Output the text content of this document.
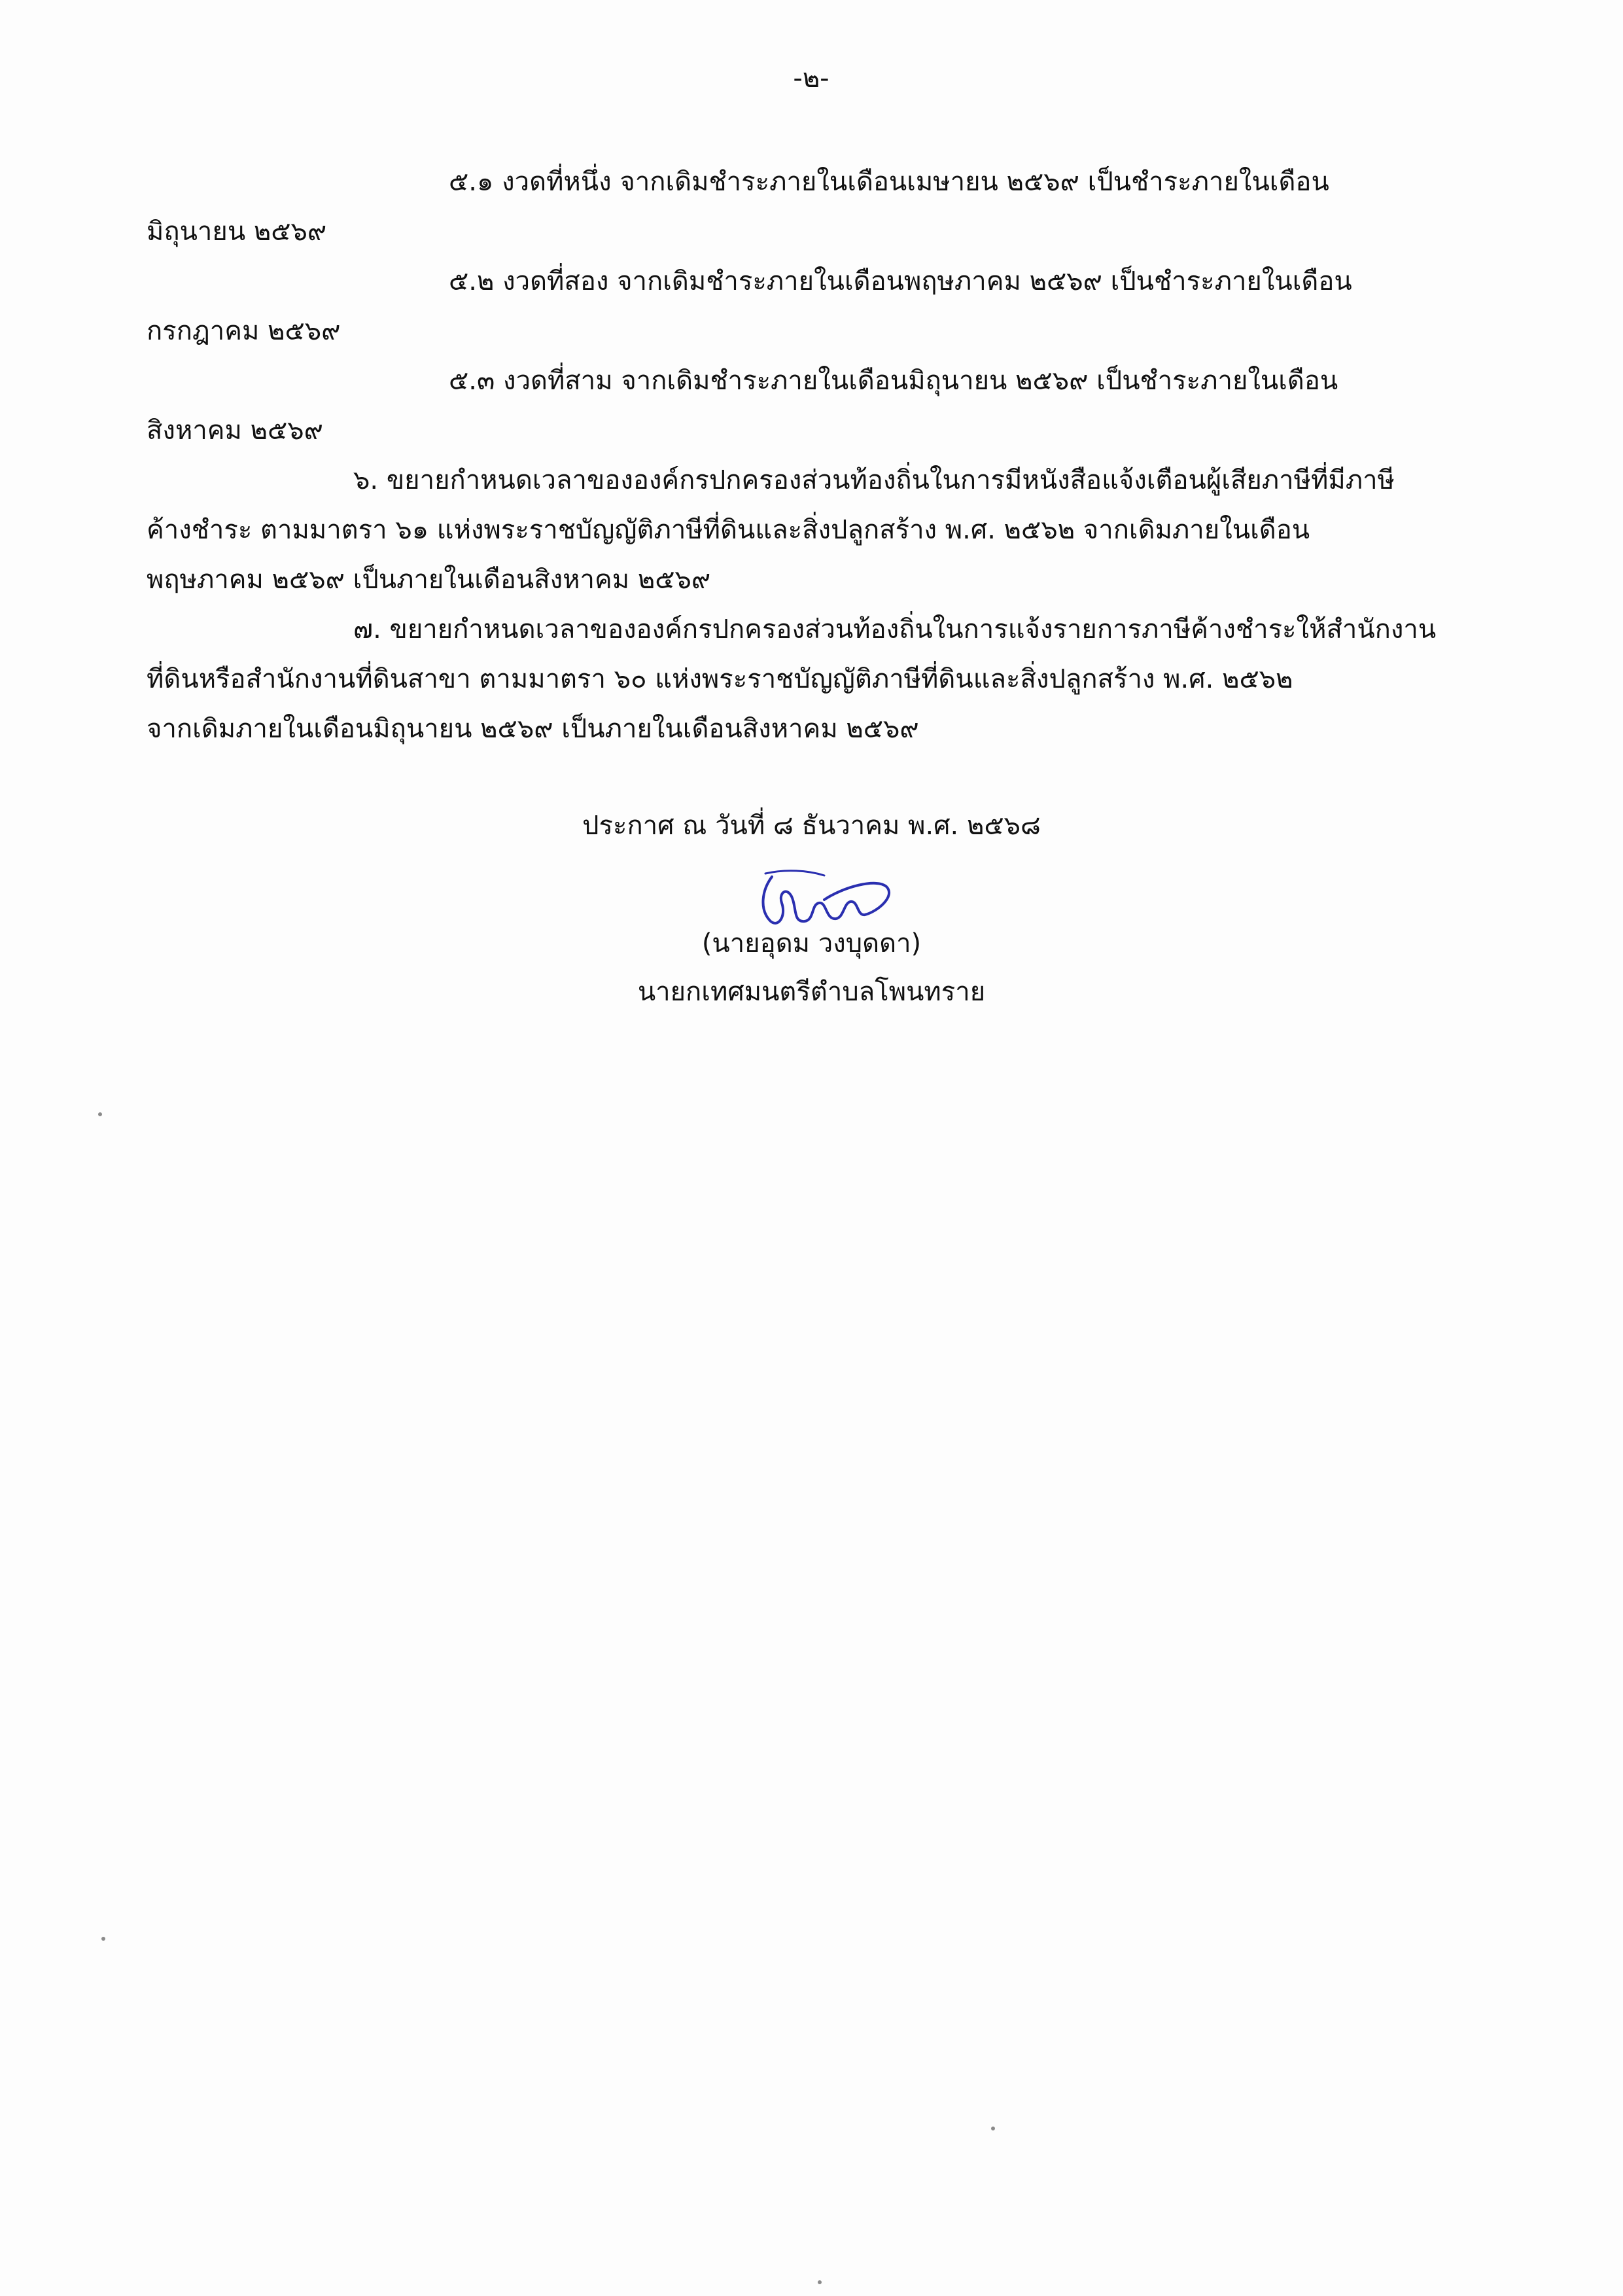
-๒-
๕.๑ งวดที่หนึ่ง จากเดิมชำระภายในเดือนเมษายน ๒๕๖๙ เป็นชำระภายในเดือน
มิถุนายน ๒๕๖๙
๕.๒ งวดที่สอง จากเดิมชำระภายในเดือนพฤษภาคม ๒๕๖๙ เป็นชำระภายในเดือน
กรกฎาคม ๒๕๖๙
๕.๓ งวดที่สาม จากเดิมชำระภายในเดือนมิถุนายน ๒๕๖๙ เป็นชำระภายในเดือน
สิงหาคม ๒๕๖๙
๖. ขยายกำหนดเวลาขององค์กรปกครองส่วนท้องถิ่นในการมีหนังสือแจ้งเตือนผู้เสียภาษีที่มีภาษี
ค้างชำระ ตามมาตรา ๖๑ แห่งพระราชบัญญัติภาษีที่ดินและสิ่งปลูกสร้าง พ.ศ. ๒๕๖๒ จากเดิมภายในเดือน
พฤษภาคม ๒๕๖๙ เป็นภายในเดือนสิงหาคม ๒๕๖๙
๗. ขยายกำหนดเวลาขององค์กรปกครองส่วนท้องถิ่นในการแจ้งรายการภาษีค้างชำระให้สำนักงาน
ที่ดินหรือสำนักงานที่ดินสาขา ตามมาตรา ๖๐ แห่งพระราชบัญญัติภาษีที่ดินและสิ่งปลูกสร้าง พ.ศ. ๒๕๖๒
จากเดิมภายในเดือนมิถุนายน ๒๕๖๙ เป็นภายในเดือนสิงหาคม ๒๕๖๙
ประกาศ ณ วันที่ ๘ ธันวาคม พ.ศ. ๒๕๖๘
(นายอุดม วงบุดดา)
นายกเทศมนตรีตำบลโพนทราย
